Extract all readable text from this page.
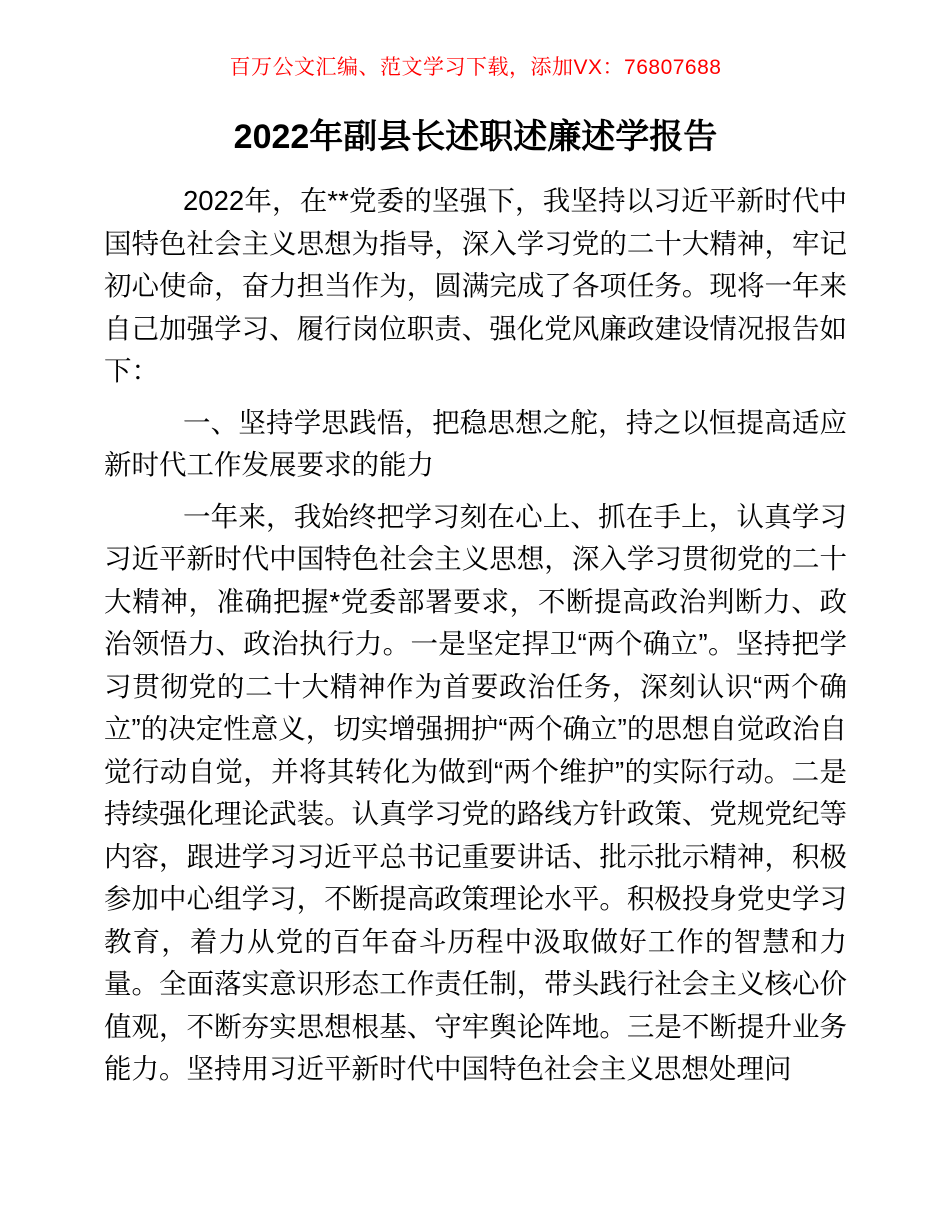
百万公文汇编、范文学习下载，添加VX：76807688
2022年副县长述职述廉述学报告

2022年，在**党委的坚强下，我坚持以习近平新时代中国特色社会主义思想为指导，深入学习党的二十大精神，牢记初心使命，奋力担当作为，圆满完成了各项任务。现将一年来自己加强学习、履行岗位职责、强化党风廉政建设情况报告如下：

一、坚持学思践悟，把稳思想之舵，持之以恒提高适应新时代工作发展要求的能力

一年来，我始终把学习刻在心上、抓在手上，认真学习习近平新时代中国特色社会主义思想，深入学习贯彻党的二十大精神，准确把握*党委部署要求，不断提高政治判断力、政治领悟力、政治执行力。一是坚定捍卫“两个确立”。坚持把学习贯彻党的二十大精神作为首要政治任务，深刻认识“两个确立”的决定性意义，切实增强拥护“两个确立”的思想自觉政治自觉行动自觉，并将其转化为做到“两个维护”的实际行动。二是持续强化理论武装。认真学习党的路线方针政策、党规党纪等内容，跟进学习习近平总书记重要讲话、批示批示精神，积极参加中心组学习，不断提高政策理论水平。积极投身党史学习教育，着力从党的百年奋斗历程中汲取做好工作的智慧和力量。全面落实意识形态工作责任制，带头践行社会主义核心价值观，不断夯实思想根基、守牢舆论阵地。三是不断提升业务能力。坚持用习近平新时代中国特色社会主义思想处理问
